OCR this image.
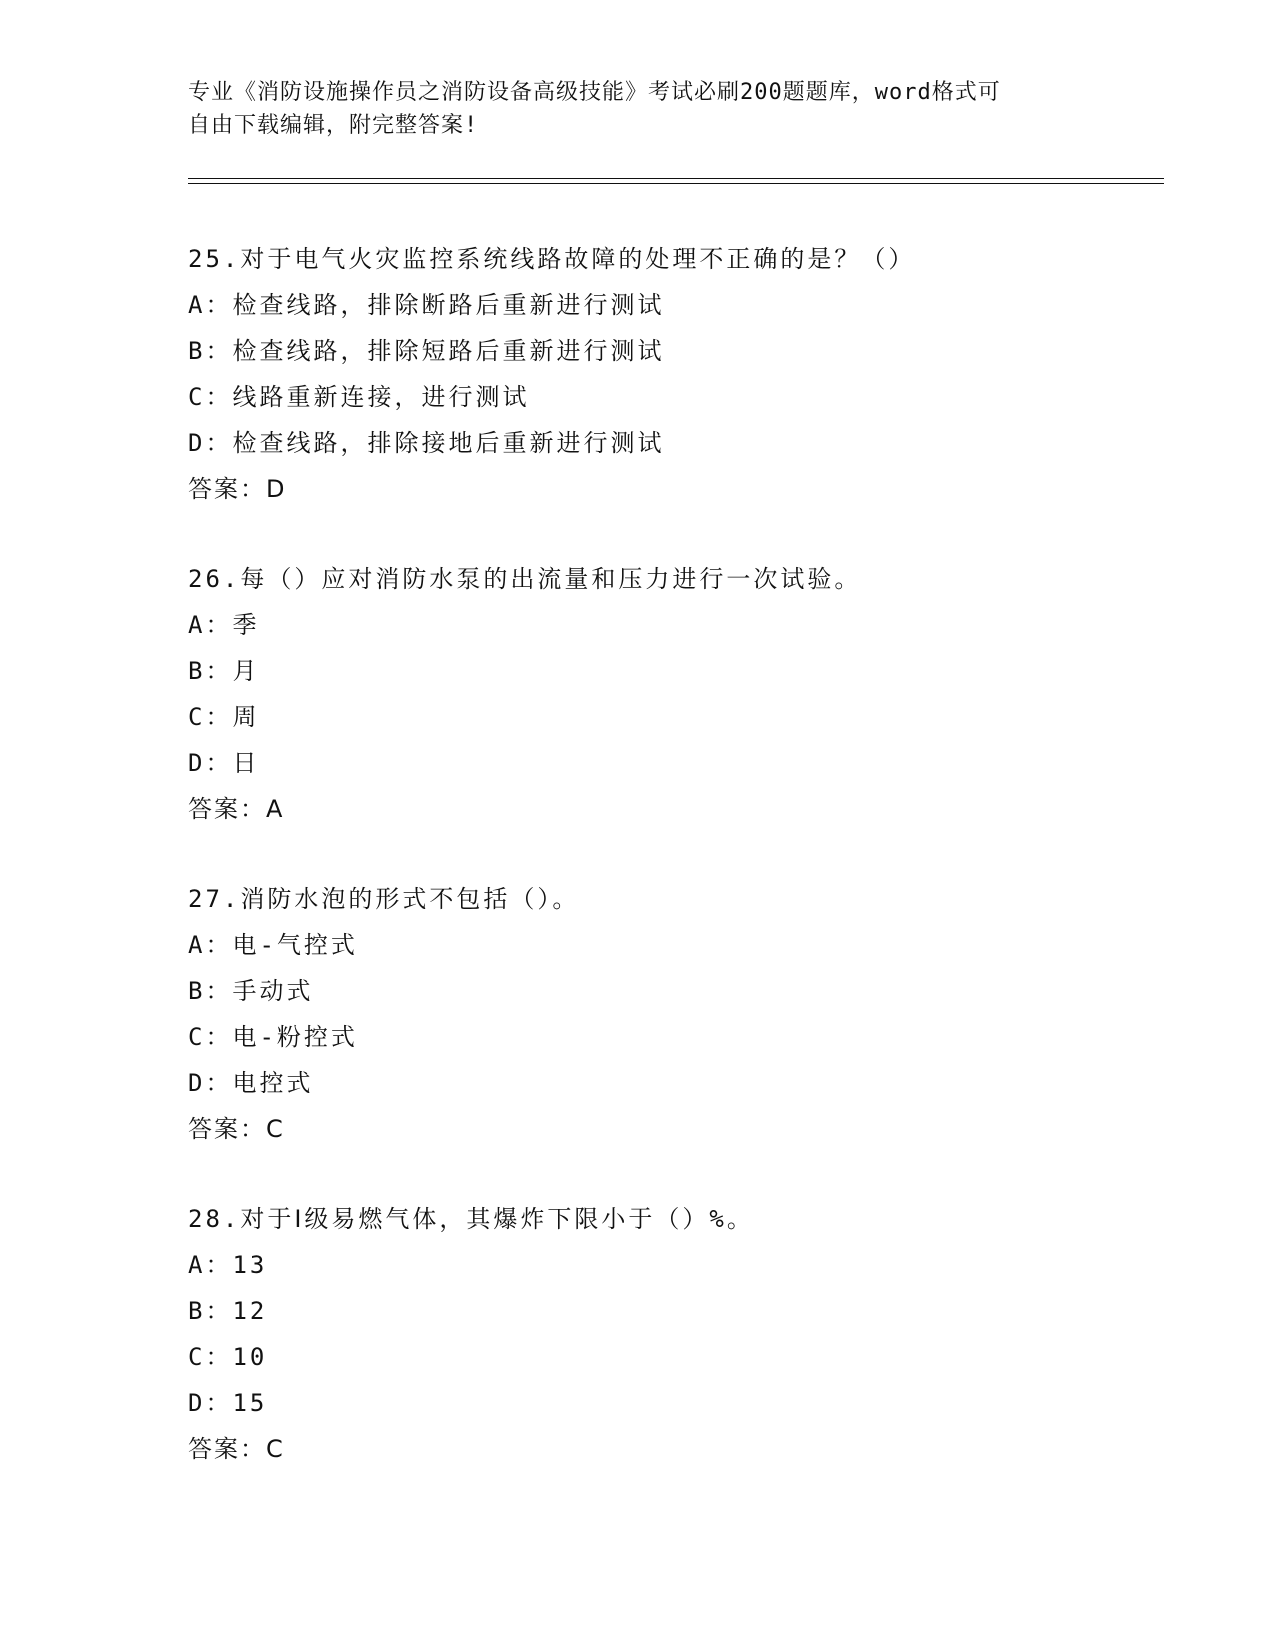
专业《消防设施操作员之消防设备高级技能》考试必刷200题题库，word格式可
自由下载编辑，附完整答案!
25.对于电气火灾监控系统线路故障的处理不正确的是？（）
A：检查线路，排除断路后重新进行测试
B：检查线路，排除短路后重新进行测试
C：线路重新连接，进行测试
D：检查线路，排除接地后重新进行测试
答案：D
26.每（）应对消防水泵的出流量和压力进行一次试验。
A：季
B：月
C：周
D：日
答案：A
27.消防水泡的形式不包括（）。
A：电-气控式
B：手动式
C：电-粉控式
D：电控式
答案：C
28.对于Ⅰ级易燃气体，其爆炸下限小于（）%。
A：13
B：12
C：10
D：15
答案：C
